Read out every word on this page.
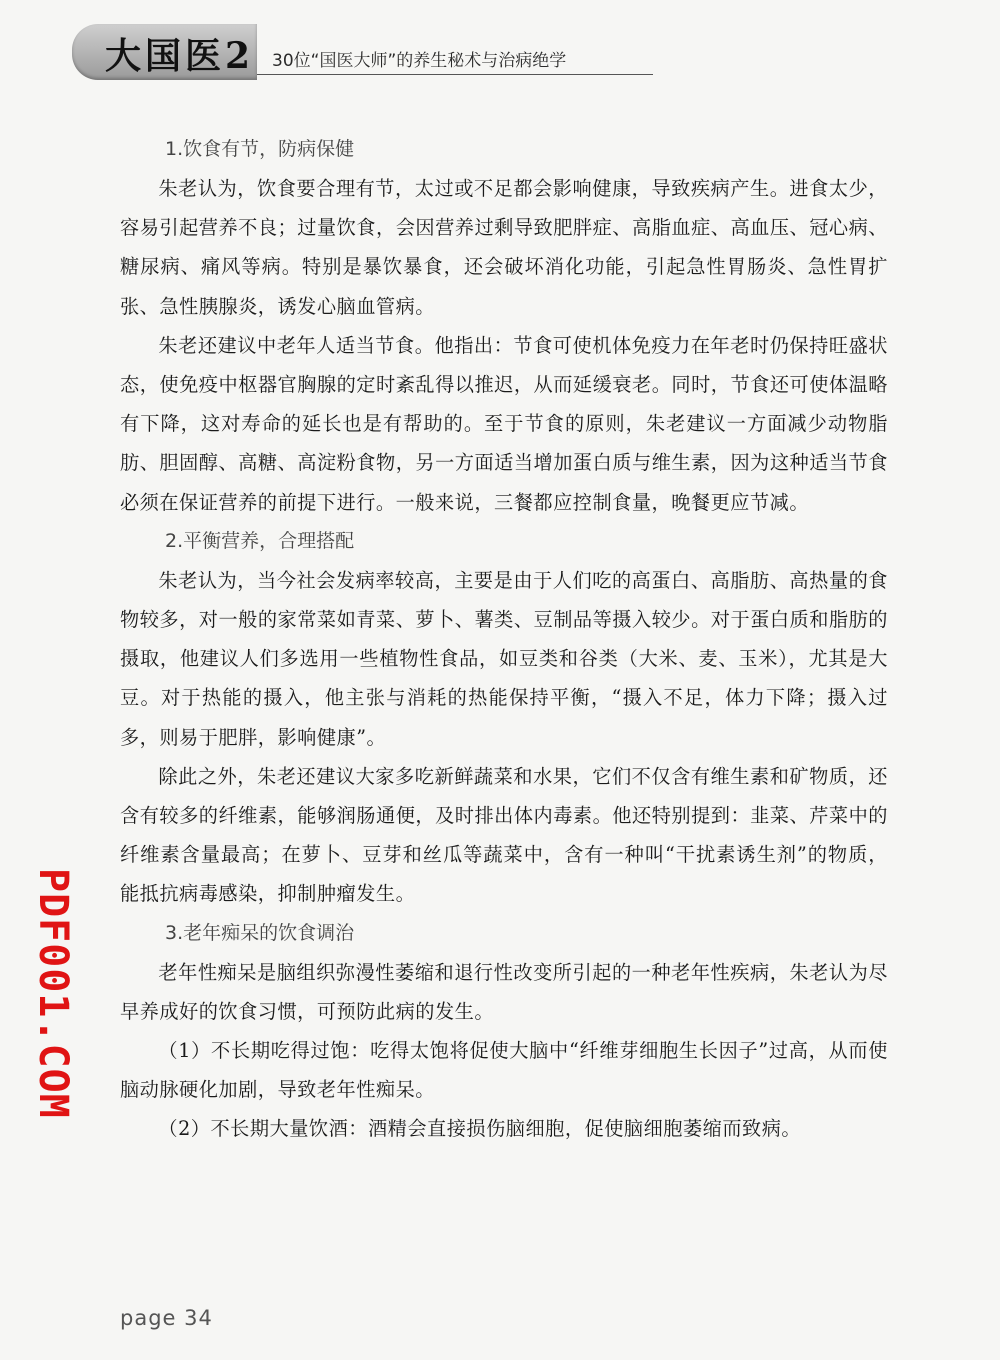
大国医2 30位“国医大师”的养生秘术与治病绝学
1.饮食有节，防病保健

朱老认为，饮食要合理有节，太过或不足都会影响健康，导致疾病产生。进食太少，容易引起营养不良；过量饮食，会因营养过剩导致肥胖症、高脂血症、高血压、冠心病、糖尿病、痛风等病。特别是暴饮暴食，还会破坏消化功能，引起急性胃肠炎、急性胃扩张、急性胰腺炎，诱发心脑血管病。

朱老还建议中老年人适当节食。他指出：节食可使机体免疫力在年老时仍保持旺盛状态，使免疫中枢器官胸腺的定时紊乱得以推迟，从而延缓衰老。同时，节食还可使体温略有下降，这对寿命的延长也是有帮助的。至于节食的原则，朱老建议一方面减少动物脂肪、胆固醇、高糖、高淀粉食物，另一方面适当增加蛋白质与维生素，因为这种适当节食必须在保证营养的前提下进行。一般来说，三餐都应控制食量，晚餐更应节减。

2.平衡营养，合理搭配

朱老认为，当今社会发病率较高，主要是由于人们吃的高蛋白、高脂肪、高热量的食物较多，对一般的家常菜如青菜、萝卜、薯类、豆制品等摄入较少。对于蛋白质和脂肪的摄取，他建议人们多选用一些植物性食品，如豆类和谷类（大米、麦、玉米），尤其是大豆。对于热能的摄入，他主张与消耗的热能保持平衡，“摄入不足，体力下降；摄入过多，则易于肥胖，影响健康”。

除此之外，朱老还建议大家多吃新鲜蔬菜和水果，它们不仅含有维生素和矿物质，还含有较多的纤维素，能够润肠通便，及时排出体内毒素。他还特别提到：韭菜、芹菜中的纤维素含量最高；在萝卜、豆芽和丝瓜等蔬菜中，含有一种叫“干扰素诱生剂”的物质，能抵抗病毒感染，抑制肿瘤发生。

3.老年痴呆的饮食调治

老年性痴呆是脑组织弥漫性萎缩和退行性改变所引起的一种老年性疾病，朱老认为尽早养成好的饮食习惯，可预防此病的发生。

（1）不长期吃得过饱：吃得太饱将促使大脑中“纤维芽细胞生长因子”过高，从而使脑动脉硬化加剧，导致老年性痴呆。

（2）不长期大量饮酒：酒精会直接损伤脑细胞，促使脑细胞萎缩而致病。

PDF001.COM
page 34
